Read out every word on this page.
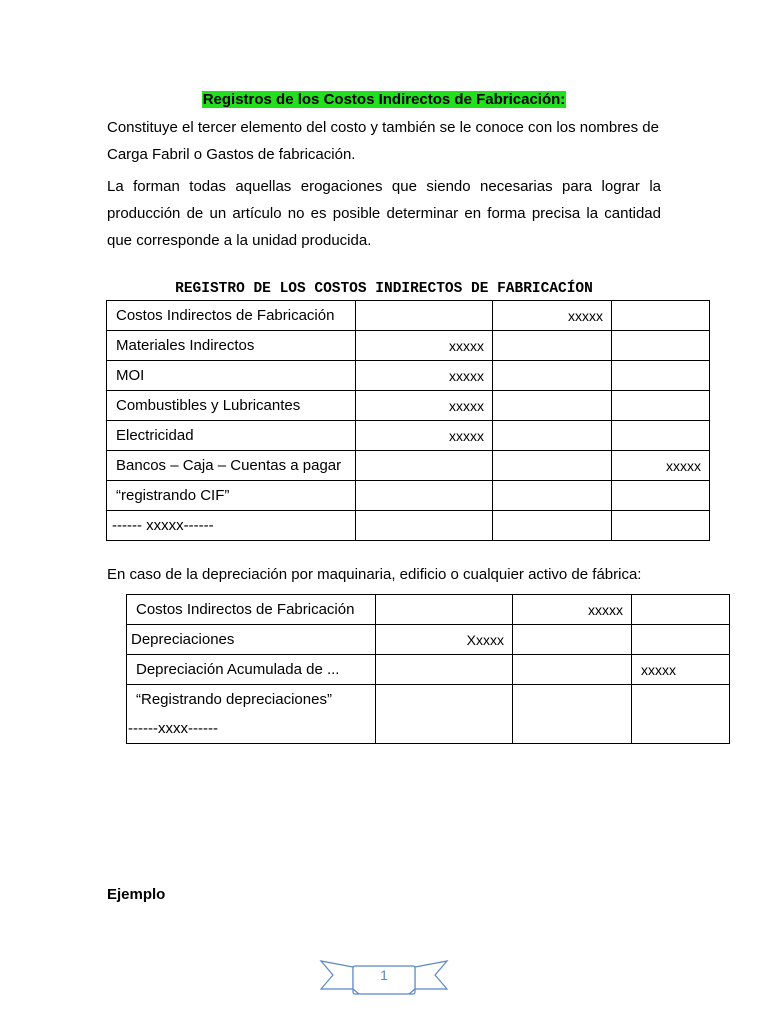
Registros de los Costos Indirectos de Fabricación:

Constituye el tercer elemento del costo y también se le conoce con los nombres de Carga Fabril o Gastos de fabricación.

La forman todas aquellas erogaciones que siendo necesarias para lograr la producción de un artículo no es posible determinar en forma precisa la cantidad que corresponde a la unidad producida.

REGISTRO DE LOS COSTOS INDIRECTOS DE FABRICACÍON
Costos Indirectos de Fabricación		xxxxx	
Materiales Indirectos	xxxxx		
MOI	xxxxx		
Combustibles y Lubricantes	xxxxx		
Electricidad	xxxxx		
Bancos – Caja – Cuentas a pagar			xxxxx
“registrando CIF”			
------ xxxxx------			
En caso de la depreciación por maquinaria, edificio o cualquier activo de fábrica:
Costos Indirectos de Fabricación		xxxxx	
Depreciaciones	Xxxxx		
Depreciación Acumulada de ...			xxxxx

“Registrando depreciaciones”
------xxxx------			

Ejemplo
1
